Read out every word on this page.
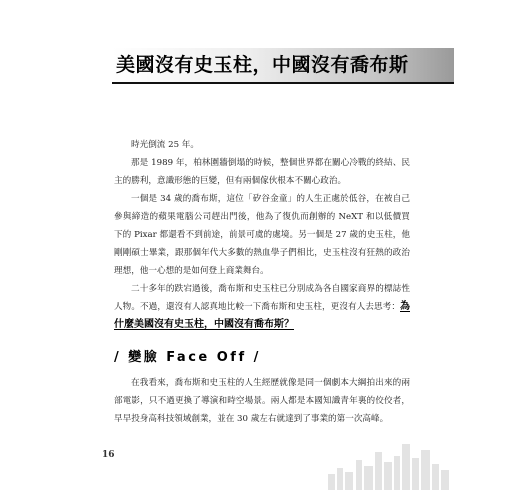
美國沒有史玉柱，中國沒有喬布斯

時光倒流 25 年。

那是 1989 年，柏林圍牆倒塌的時候，整個世界都在關心冷戰的終結、民主的勝利，意識形態的巨變，但有兩個傢伙根本不關心政治。

一個是 34 歲的喬布斯，這位「矽谷金童」的人生正處於低谷，在被自己參與締造的蘋果電腦公司趕出門後，他為了復仇而創辦的 NeXT 和以低價買下的 Pixar 都還看不到前途，前景可虞的處境。另一個是 27 歲的史玉柱，他剛剛碩士畢業，跟那個年代大多數的熱血學子們相比，史玉柱沒有狂熱的政治理想，他一心想的是如何登上商業舞台。

二十多年的跌宕過後，喬布斯和史玉柱已分別成為各自國家商界的標誌性人物。不過，還沒有人認真地比較一下喬布斯和史玉柱，更沒有人去思考：為什麼美國沒有史玉柱，中國沒有喬布斯？

/ 變臉 Face Off /

在我看來，喬布斯和史玉柱的人生經歷就像是同一個劇本大綱拍出來的兩部電影，只不過更換了導演和時空場景。兩人都是本國知識青年裏的佼佼者，早早投身高科技領域創業，並在 30 歲左右就達到了事業的第一次高峰。

16
